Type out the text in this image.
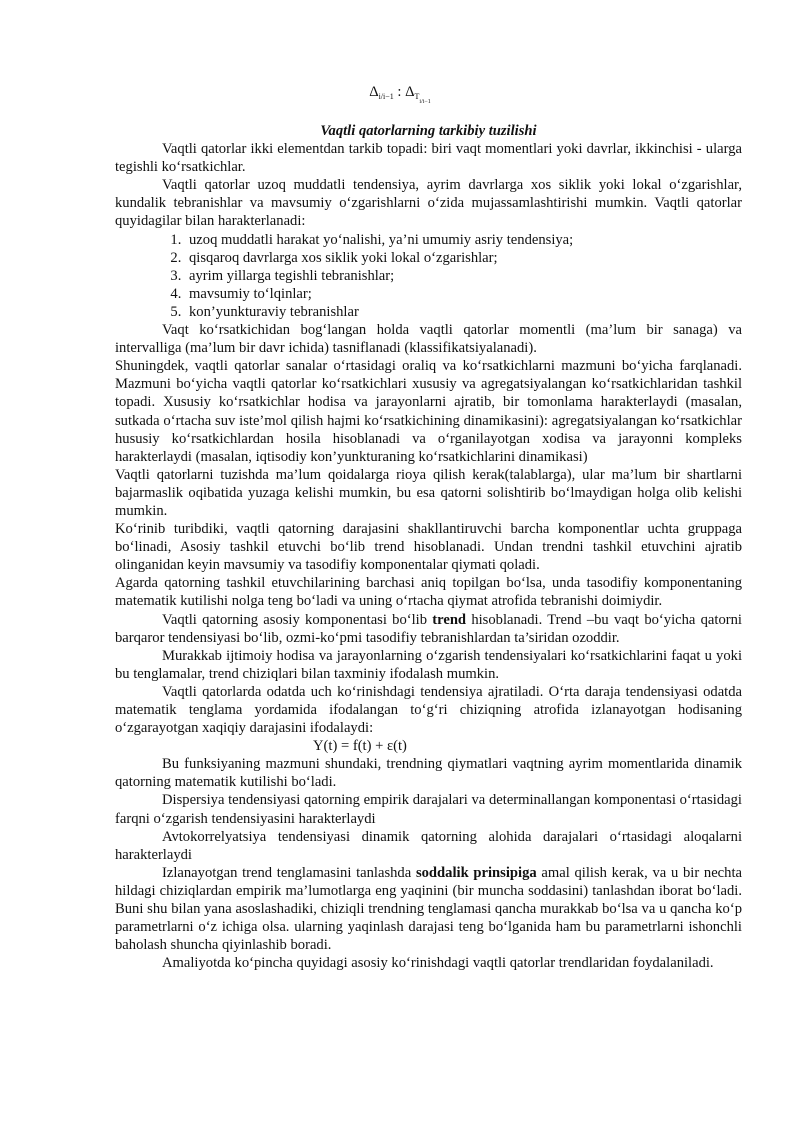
$\Delta_{i/i-1}$ : $\Delta_{T_{i/i-1}}$

Vaqtli qatorlarning tarkibiy tuzilishi

Vaqtli qatorlar ikki elementdan tarkib topadi: biri vaqt momentlari yoki davrlar, ikkinchisi - ularga tegishli ko‘rsatkichlar.

Vaqtli qatorlar uzoq muddatli tendensiya, ayrim davrlarga xos siklik yoki lokal o‘zgarishlar, kundalik tebranishlar va mavsumiy o‘zgarishlarni o‘zida mujassamlashtirishi mumkin. Vaqtli qatorlar quyidagilar bilan harakterlanadi:

1. uzoq muddatli harakat yo‘nalishi, ya’ni umumiy asriy tendensiya;
2. qisqaroq davrlarga xos siklik yoki lokal o‘zgarishlar;
3. ayrim yillarga tegishli tebranishlar;
4. mavsumiy to‘lqinlar;
5. kon’yunkturaviy tebranishlar

Vaqt ko‘rsatkichidan bog‘langan holda vaqtli qatorlar momentli (ma’lum bir sanaga) va intervalliga (ma’lum bir davr ichida) tasniflanadi (klassifikatsiyalanadi).

Shuningdek, vaqtli qatorlar sanalar o‘rtasidagi oraliq va ko‘rsatkichlarni mazmuni bo‘yicha farqlanadi. Mazmuni bo‘yicha vaqtli qatorlar ko‘rsatkichlari xususiy va agregatsiyalangan ko‘rsatkichlaridan tashkil topadi. Xususiy ko‘rsatkichlar hodisa va jarayonlarni ajratib, bir tomonlama harakterlaydi (masalan, sutkada o‘rtacha suv iste’mol qilish hajmi ko‘rsatkichining dinamikasini): agregatsiyalangan ko‘rsatkichlar hususiy ko‘rsatkichlardan hosila hisoblanadi va o‘rganilayotgan xodisa va jarayonni kompleks harakterlaydi (masalan, iqtisodiy kon’yunkturaning ko‘rsatkichlarini dinamikasi)

Vaqtli qatorlarni tuzishda ma’lum qoidalarga rioya qilish kerak(talablarga), ular ma’lum bir shartlarni bajarmaslik oqibatida yuzaga kelishi mumkin, bu esa qatorni solishtirib bo‘lmaydigan holga olib kelishi mumkin.

Ko‘rinib turibdiki, vaqtli qatorning darajasini shakllantiruvchi barcha komponentlar uchta gruppaga bo‘linadi, Asosiy tashkil etuvchi bo‘lib trend hisoblanadi. Undan trendni tashkil etuvchini ajratib olinganidan keyin mavsumiy va tasodifiy komponentalar qiymati qoladi.

Agarda qatorning tashkil etuvchilarining barchasi aniq topilgan bo‘lsa, unda tasodifiy komponentaning matematik kutilishi nolga teng bo‘ladi va uning o‘rtacha qiymat atrofida tebranishi doimiydir.

Vaqtli qatorning asosiy komponentasi bo‘lib trend hisoblanadi. Trend –bu vaqt bo‘yicha qatorni barqaror tendensiyasi bo‘lib, ozmi-ko‘pmi tasodifiy tebranishlardan ta’siridan ozoddir.

Murakkab ijtimoiy hodisa va jarayonlarning o‘zgarish tendensiyalari ko‘rsatkichlarini faqat u yoki bu tenglamalar, trend chiziqlari bilan taxminiy ifodalash mumkin.

Vaqtli qatorlarda odatda uch ko‘rinishdagi tendensiya ajratiladi. O‘rta daraja tendensiyasi odatda matematik tenglama yordamida ifodalangan to‘g‘ri chiziqning atrofida izlanayotgan hodisaning o‘zgarayotgan xaqiqiy darajasini ifodalaydi:

Y(t) = f(t) + ε(t)

Bu funksiyaning mazmuni shundaki, trendning qiymatlari vaqtning ayrim momentlarida dinamik qatorning matematik kutilishi bo‘ladi.

Dispersiya tendensiyasi qatorning empirik darajalari va determinallangan komponentasi o‘rtasidagi farqni o‘zgarish tendensiyasini harakterlaydi

Avtokorrelyatsiya tendensiyasi dinamik qatorning alohida darajalari o‘rtasidagi aloqalarni harakterlaydi

Izlanayotgan trend tenglamasini tanlashda soddalik prinsipiga amal qilish kerak, va u bir nechta hildagi chiziqlardan empirik ma’lumotlarga eng yaqinini (bir muncha soddasini) tanlashdan iborat bo‘ladi. Buni shu bilan yana asoslashadiki, chiziqli trendning tenglamasi qancha murakkab bo‘lsa va u qancha ko‘p parametrlarni o‘z ichiga olsa. ularning yaqinlash darajasi teng bo‘lganida ham bu parametrlarni ishonchli baholash shuncha qiyinlashib boradi.

Amaliyotda ko‘pincha quyidagi asosiy ko‘rinishdagi vaqtli qatorlar trendlaridan foydalaniladi.
